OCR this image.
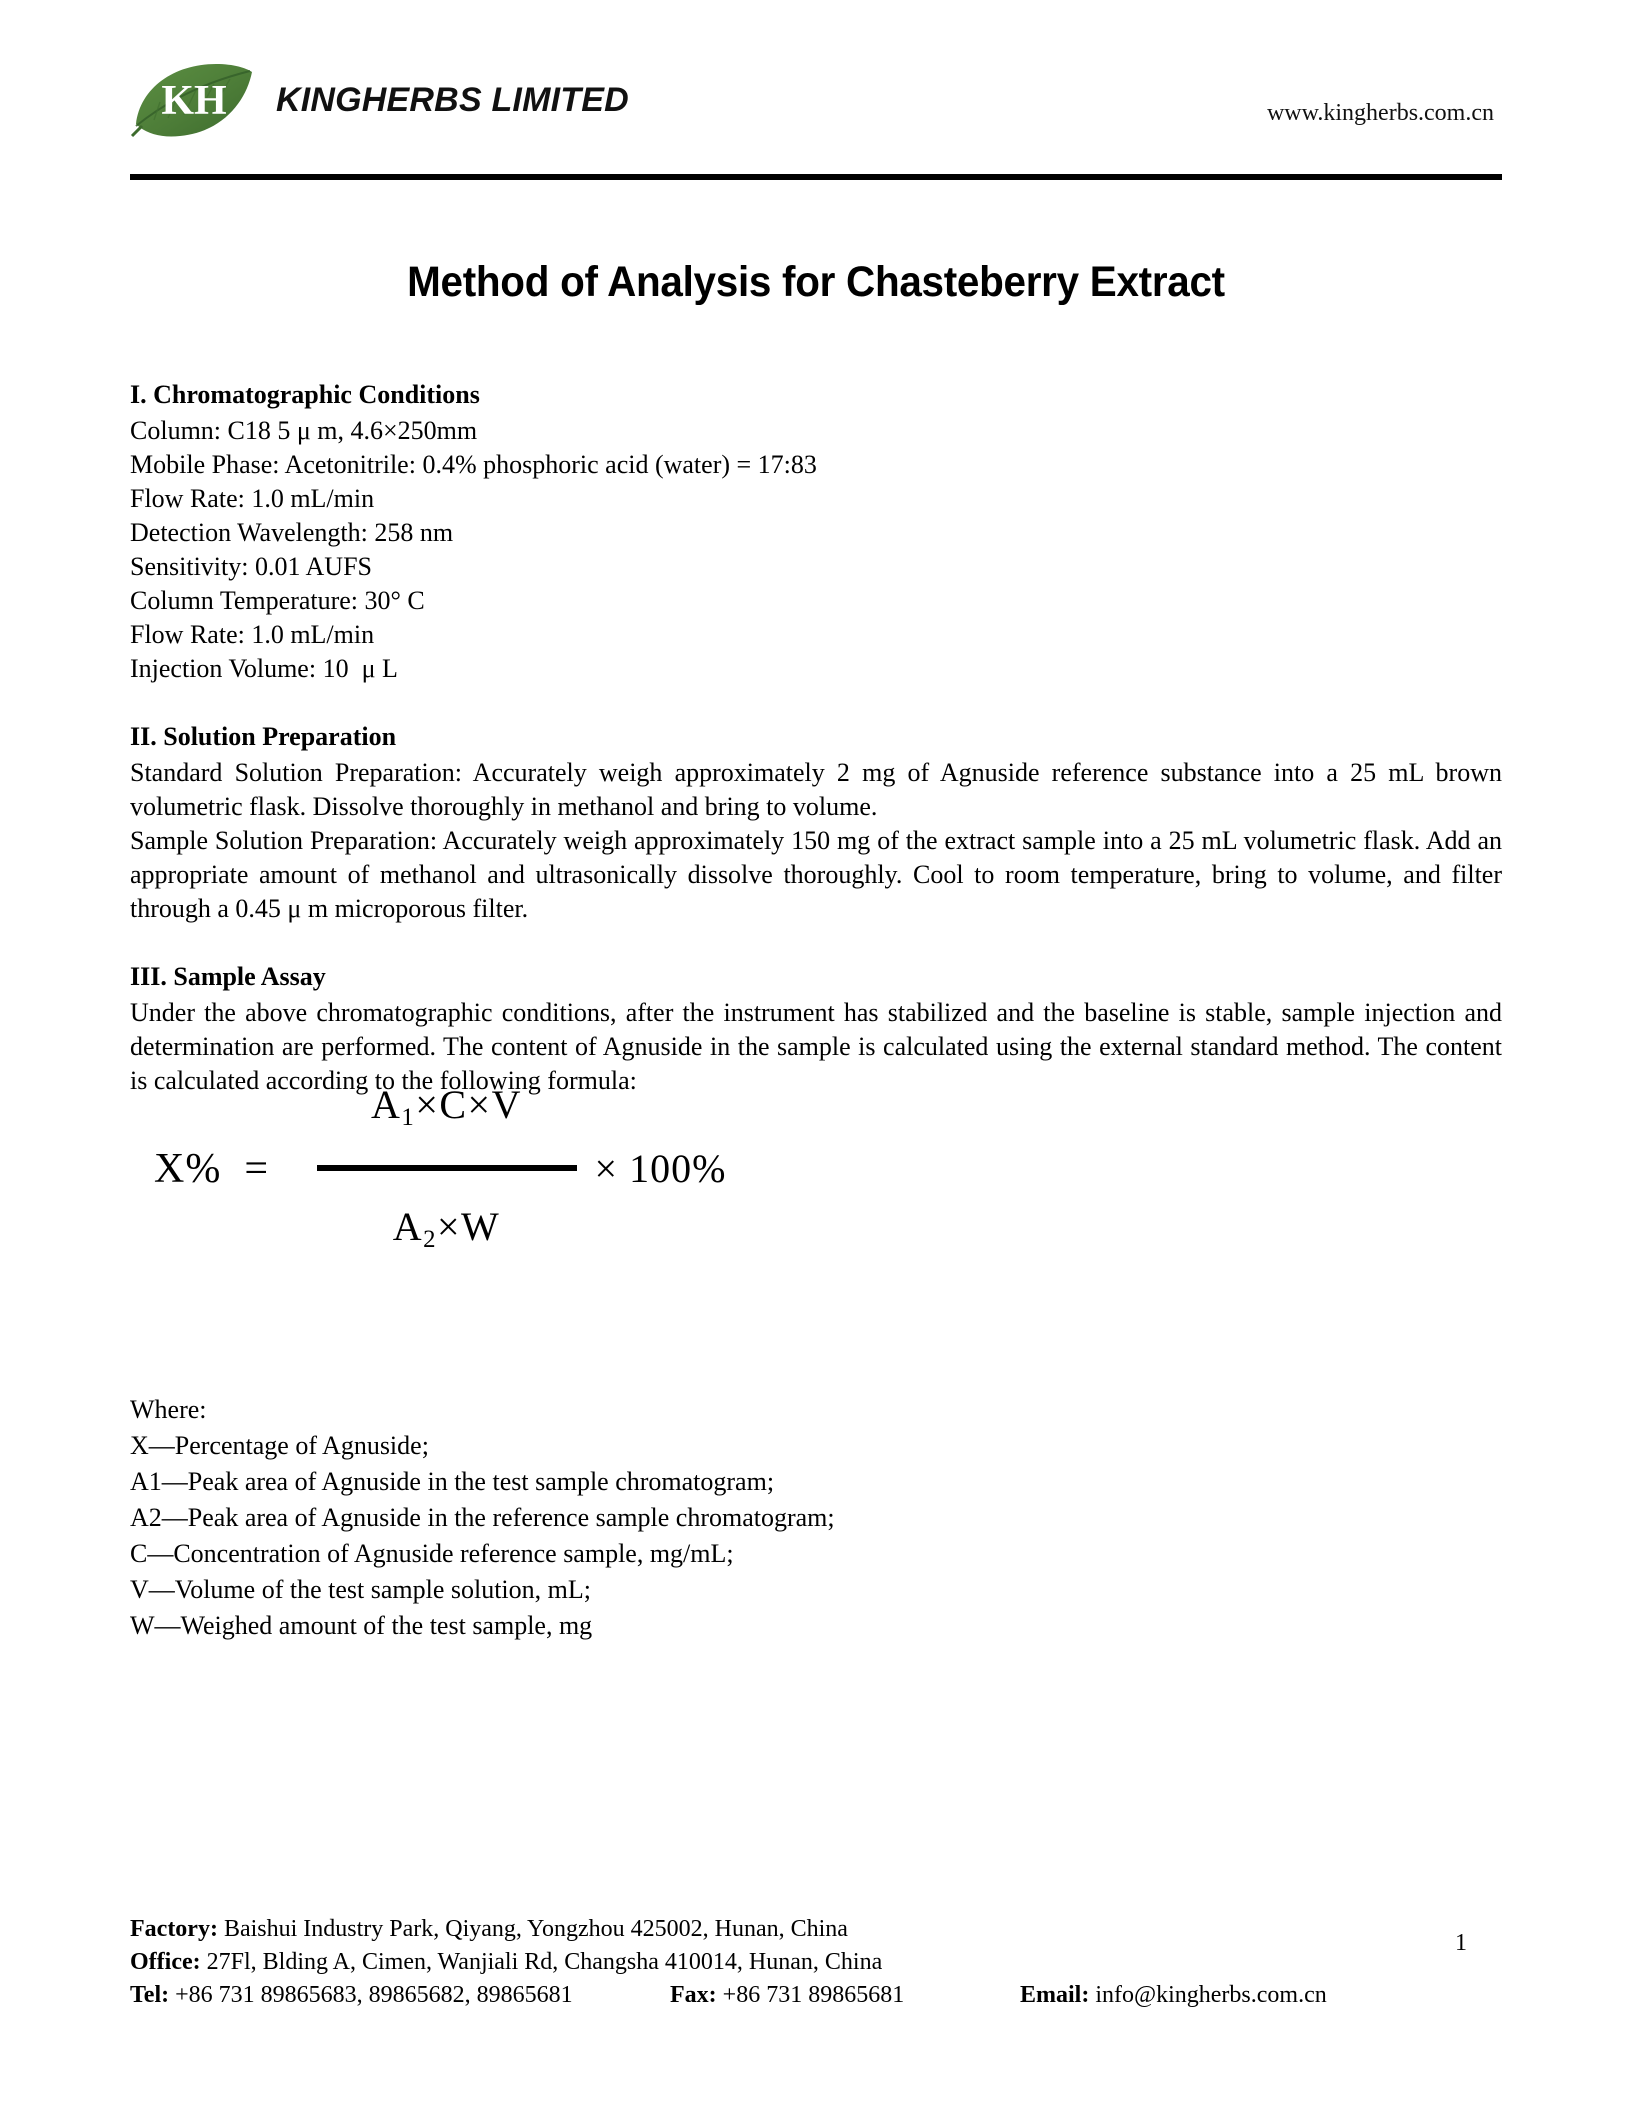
KH KINGHERBS LIMITED	www.kingherbs.com.cn
Method of Analysis for Chasteberry Extract
I. Chromatographic Conditions
Column: C18 5 μ m, 4.6×250mm
Mobile Phase: Acetonitrile: 0.4% phosphoric acid (water) = 17:83
Flow Rate: 1.0 mL/min
Detection Wavelength: 258 nm
Sensitivity: 0.01 AUFS
Column Temperature: 30° C
Flow Rate: 1.0 mL/min
Injection Volume: 10  μ L
II. Solution Preparation

Standard Solution Preparation: Accurately weigh approximately 2 mg of Agnuside reference substance into a 25 mL brown volumetric flask. Dissolve thoroughly in methanol and bring to volume.

Sample Solution Preparation: Accurately weigh approximately 150 mg of the extract sample into a 25 mL volumetric flask. Add an appropriate amount of methanol and ultrasonically dissolve thoroughly. Cool to room temperature, bring to volume, and filter through a 0.45 μ m microporous filter.

III. Sample Assay

Under the above chromatographic conditions, after the instrument has stabilized and the baseline is stable, sample injection and determination are performed. The content of Agnuside in the sample is calculated using the external standard method. The content is calculated according to the following formula:

X%  =
$A_1\times C\times V$
$A_2\times W$
× 100%
Where:
X—Percentage of Agnuside;
A1—Peak area of Agnuside in the test sample chromatogram;
A2—Peak area of Agnuside in the reference sample chromatogram;
C—Concentration of Agnuside reference sample, mg/mL;
V—Volume of the test sample solution, mL;
W—Weighed amount of the test sample, mg
Factory: Baishui Industry Park, Qiyang, Yongzhou 425002, Hunan, China
Office: 27Fl, Blding A, Cimen, Wanjiali Rd, Changsha 410014, Hunan, China
Tel: +86 731 89865683, 89865682, 89865681	Fax: +86 731 89865681	Email: info@kingherbs.com.cn
1
